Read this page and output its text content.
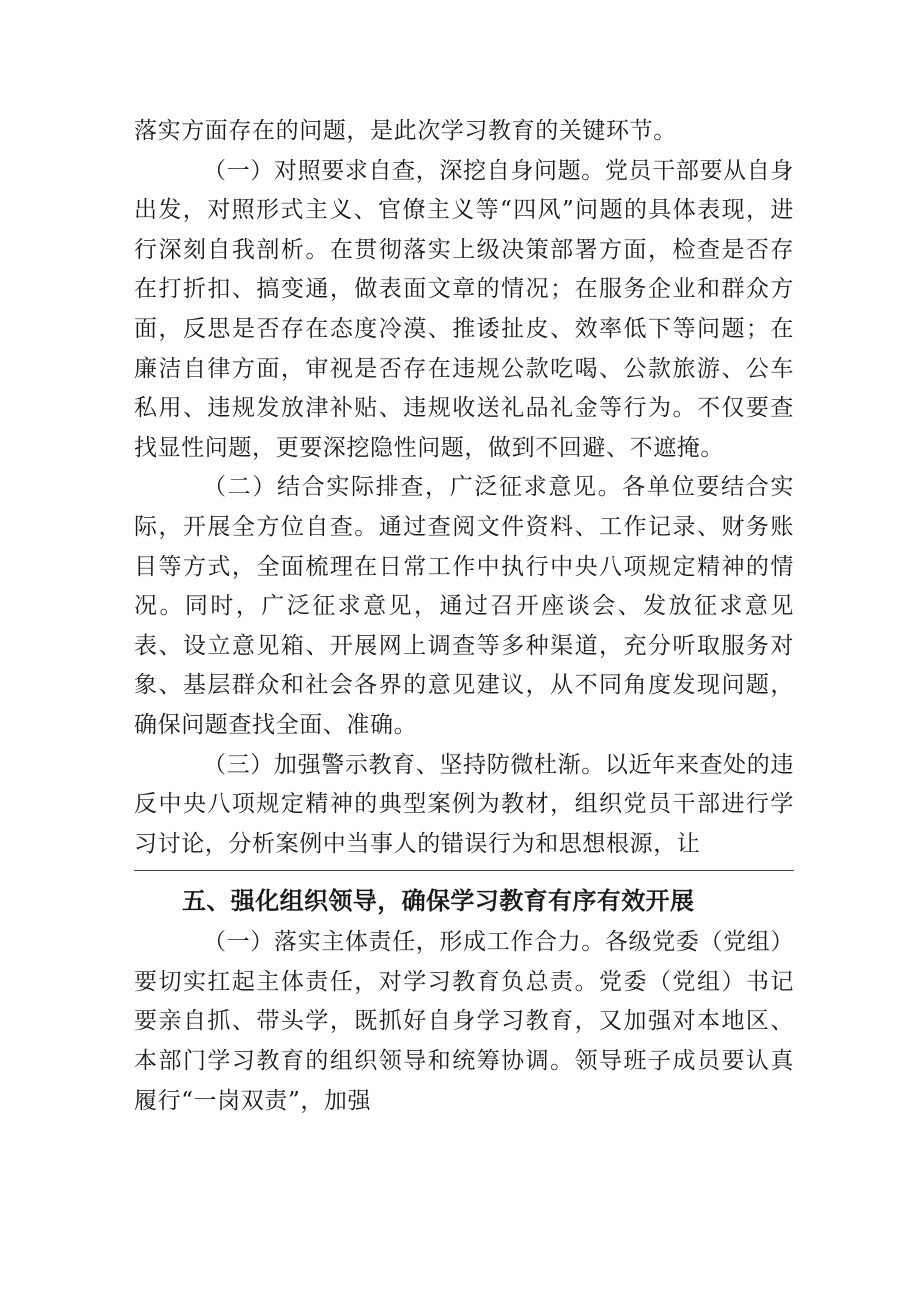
落实方面存在的问题，是此次学习教育的关键环节。

（一）对照要求自查，深挖自身问题。党员干部要从自身出发，对照形式主义、官僚主义等“四风”问题的具体表现，进行深刻自我剖析。在贯彻落实上级决策部署方面，检查是否存在打折扣、搞变通，做表面文章的情况；在服务企业和群众方面，反思是否存在态度冷漠、推诿扯皮、效率低下等问题；在廉洁自律方面，审视是否存在违规公款吃喝、公款旅游、公车私用、违规发放津补贴、违规收送礼品礼金等行为。不仅要查找显性问题，更要深挖隐性问题，做到不回避、不遮掩。

（二）结合实际排查，广泛征求意见。各单位要结合实际，开展全方位自查。通过查阅文件资料、工作记录、财务账目等方式，全面梳理在日常工作中执行中央八项规定精神的情况。同时，广泛征求意见，通过召开座谈会、发放征求意见表、设立意见箱、开展网上调查等多种渠道，充分听取服务对象、基层群众和社会各界的意见建议，从不同角度发现问题，确保问题查找全面、准确。

（三）加强警示教育、坚持防微杜渐。以近年来查处的违反中央八项规定精神的典型案例为教材，组织党员干部进行学习讨论，分析案例中当事人的错误行为和思想根源，让

五、强化组织领导，确保学习教育有序有效开展

（一）落实主体责任，形成工作合力。各级党委（党组）要切实扛起主体责任，对学习教育负总责。党委（党组）书记要亲自抓、带头学，既抓好自身学习教育，又加强对本地区、本部门学习教育的组织领导和统筹协调。领导班子成员要认真履行“一岗双责”，加强
